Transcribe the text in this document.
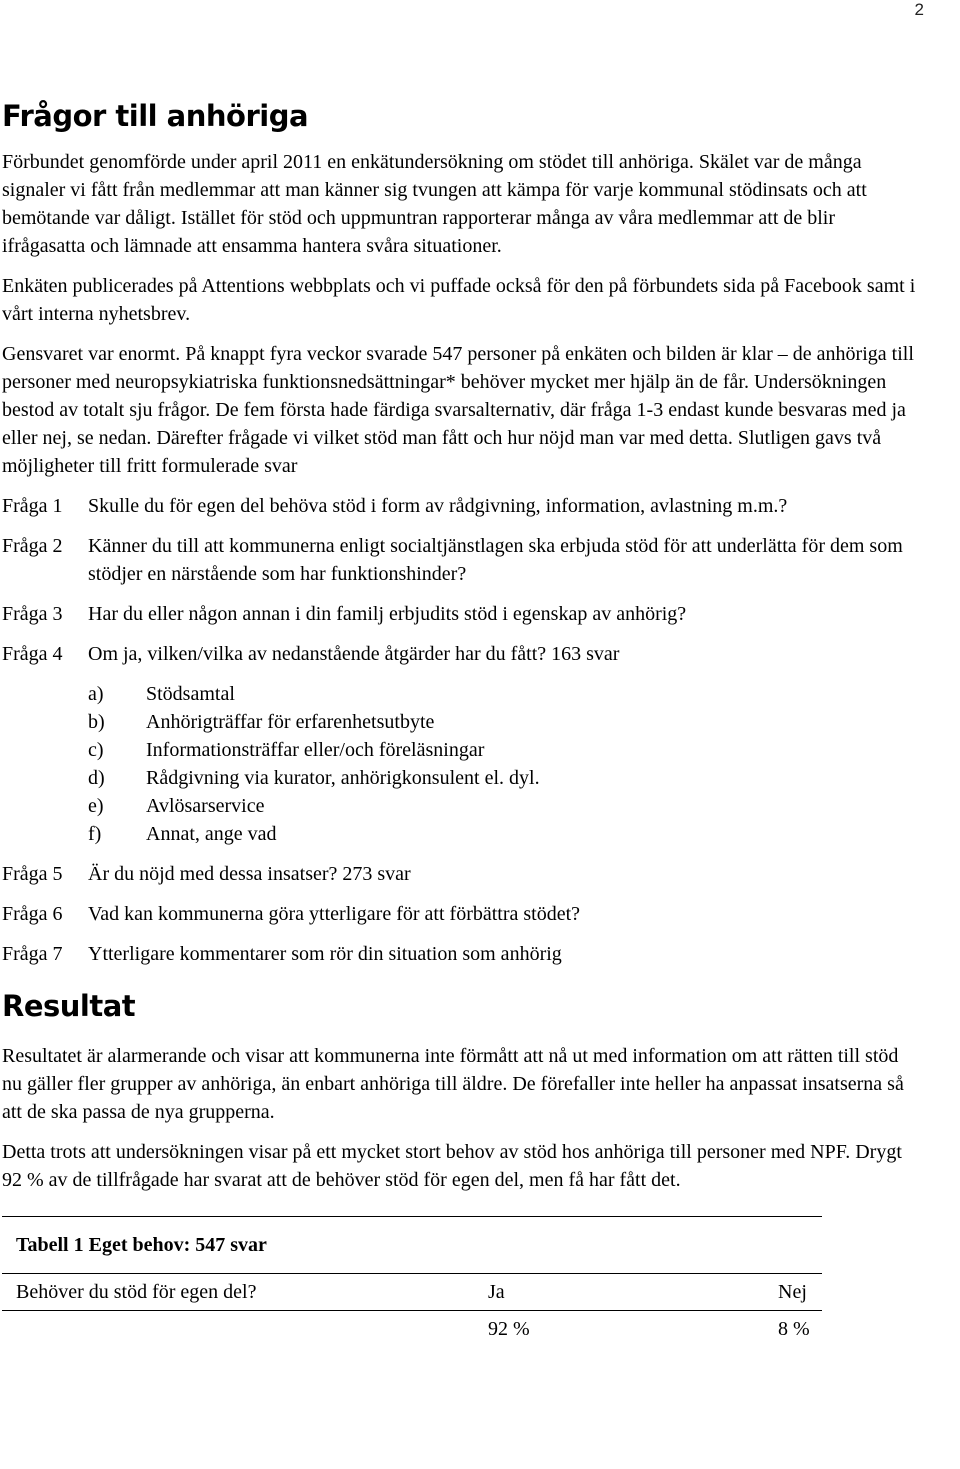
2
Frågor till anhöriga

Förbundet genomförde under april 2011 en enkätundersökning om stödet till anhöriga. Skälet var de många signaler vi fått från medlemmar att man känner sig tvungen att kämpa för varje kommunal stödinsats och att bemötande var dåligt. Istället för stöd och uppmuntran rapporterar många av våra medlemmar att de blir ifrågasatta och lämnade att ensamma hantera svåra situationer.

Enkäten publicerades på Attentions webbplats och vi puffade också för den på förbundets sida på Facebook samt i vårt interna nyhetsbrev.

Gensvaret var enormt. På knappt fyra veckor svarade 547 personer på enkäten och bilden är klar – de anhöriga till personer med neuropsykiatriska funktionsnedsättningar* behöver mycket mer hjälp än de får. Undersökningen bestod av totalt sju frågor. De fem första hade färdiga svarsalternativ, där fråga 1-3 endast kunde besvaras med ja eller nej, se nedan. Därefter frågade vi vilket stöd man fått och hur nöjd man var med detta. Slutligen gavs två möjligheter till fritt formulerade svar

Fråga 1	Skulle du för egen del behöva stöd i form av rådgivning, information, avlastning m.m.?
Fråga 2	Känner du till att kommunerna enligt socialtjänstlagen ska erbjuda stöd för att underlätta för dem som stödjer en närstående som har funktionshinder?
Fråga 3	Har du eller någon annan i din familj erbjudits stöd i egenskap av anhörig?
Fråga 4	Om ja, vilken/vilka av nedanstående åtgärder har du fått? 163 svar
a)	Stödsamtal
b)	Anhörigträffar för erfarenhetsutbyte
c)	Informationsträffar eller/och föreläsningar
d)	Rådgivning via kurator, anhörigkonsulent el. dyl.
e)	Avlösarservice
f)	Annat, ange vad
Fråga 5	Är du nöjd med dessa insatser? 273 svar
Fråga 6	Vad kan kommunerna göra ytterligare för att förbättra stödet?
Fråga 7	Ytterligare kommentarer som rör din situation som anhörig
Resultat

Resultatet är alarmerande och visar att kommunerna inte förmått att nå ut med information om att rätten till stöd nu gäller fler grupper av anhöriga, än enbart anhöriga till äldre. De förefaller inte heller ha anpassat insatserna så att de ska passa de nya grupperna.

Detta trots att undersökningen visar på ett mycket stort behov av stöd hos anhöriga till personer med NPF. Drygt 92 % av de tillfrågade har svarat att de behöver stöd för egen del, men få har fått det.

Tabell 1 Eget behov: 547 svar		
Behöver du stöd för egen del?	Ja	Nej
	92 %	8 %
